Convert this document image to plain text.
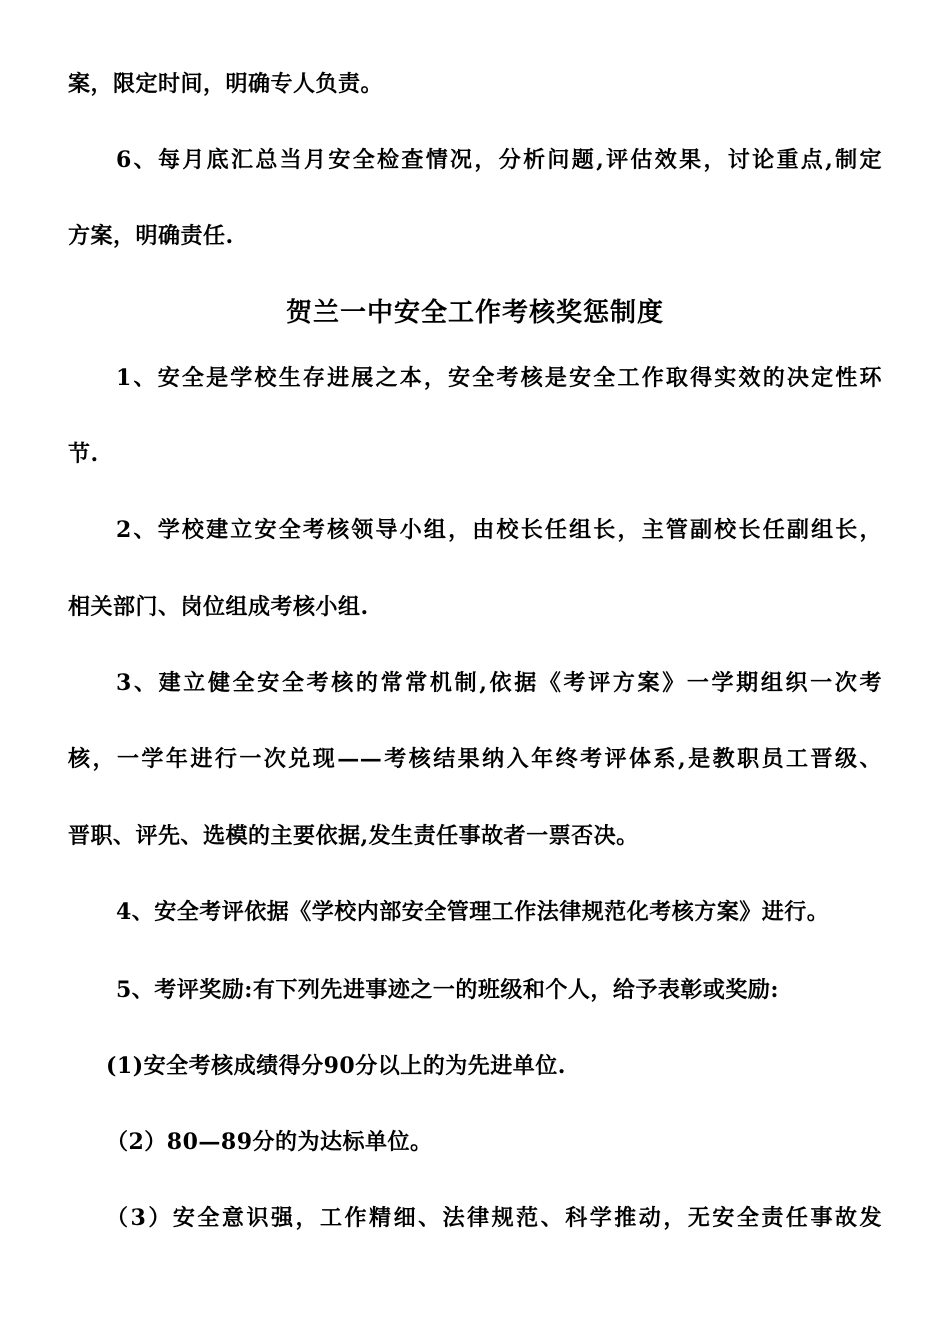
案，限定时间，明确专人负责。
6、每月底汇总当月安全检查情况，分析问题,评估效果，讨论重点,制定
方案，明确责任.
贺兰一中安全工作考核奖惩制度
1、安全是学校生存进展之本，安全考核是安全工作取得实效的决定性环
节.
2、学校建立安全考核领导小组，由校长任组长，主管副校长任副组长，
相关部门、岗位组成考核小组.
3、建立健全安全考核的常常机制,依据《考评方案》一学期组织一次考
核，一学年进行一次兑现——考核结果纳入年终考评体系,是教职员工晋级、
晋职、评先、选模的主要依据,发生责任事故者一票否决。
4、安全考评依据《学校内部安全管理工作法律规范化考核方案》进行。
5、考评奖励:有下列先进事迹之一的班级和个人，给予表彰或奖励:
(1)安全考核成绩得分90分以上的为先进单位.
（2）80—89分的为达标单位。
（3）安全意识强，工作精细、法律规范、科学推动，无安全责任事故发
